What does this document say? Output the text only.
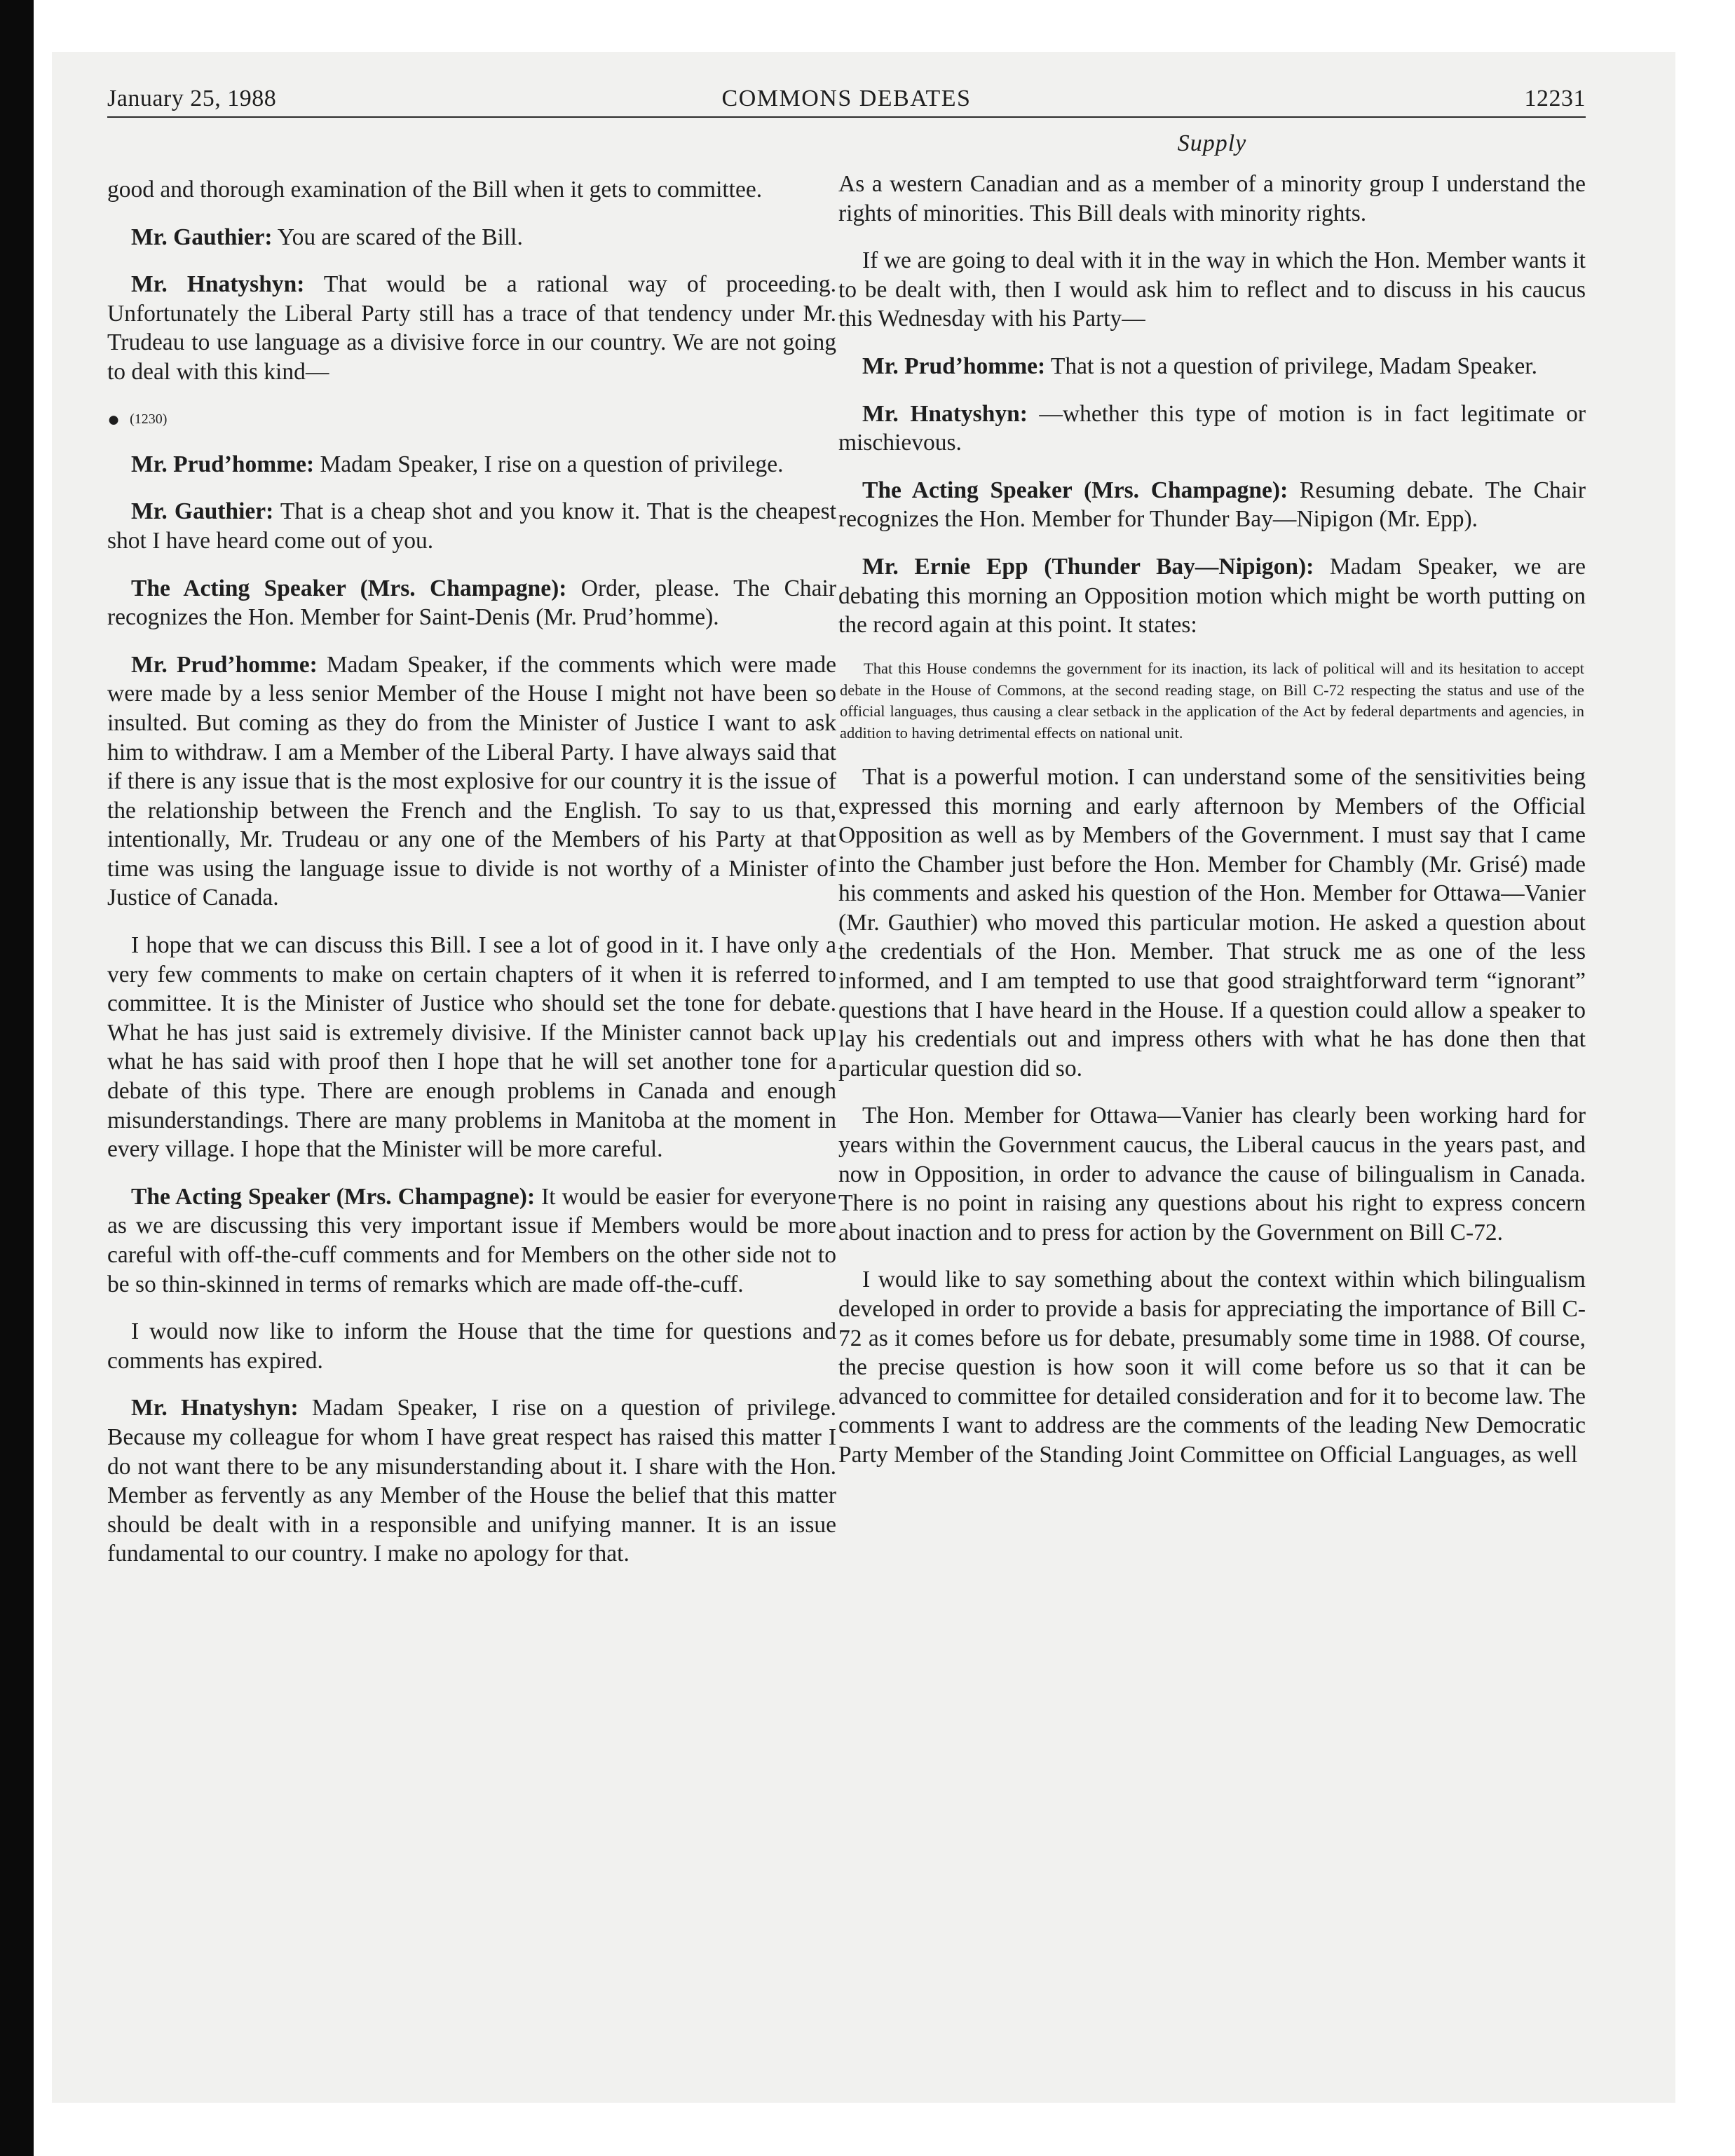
January 25, 1988	COMMONS DEBATES	12231
Supply

good and thorough examination of the Bill when it gets to committee.

Mr. Gauthier: You are scared of the Bill.

Mr. Hnatyshyn: That would be a rational way of proceeding. Unfortunately the Liberal Party still has a trace of that tendency under Mr. Trudeau to use language as a divisive force in our country. We are not going to deal with this kind—

● (1230)

Mr. Prud’homme: Madam Speaker, I rise on a question of privilege.

Mr. Gauthier: That is a cheap shot and you know it. That is the cheapest shot I have heard come out of you.

The Acting Speaker (Mrs. Champagne): Order, please. The Chair recognizes the Hon. Member for Saint-Denis (Mr. Prud’homme).

Mr. Prud’homme: Madam Speaker, if the comments which were made were made by a less senior Member of the House I might not have been so insulted. But coming as they do from the Minister of Justice I want to ask him to withdraw. I am a Member of the Liberal Party. I have always said that if there is any issue that is the most explosive for our country it is the issue of the relationship between the French and the English. To say to us that, intentionally, Mr. Trudeau or any one of the Members of his Party at that time was using the language issue to divide is not worthy of a Minister of Justice of Canada.

I hope that we can discuss this Bill. I see a lot of good in it. I have only a very few comments to make on certain chapters of it when it is referred to committee. It is the Minister of Justice who should set the tone for debate. What he has just said is extremely divisive. If the Minister cannot back up what he has said with proof then I hope that he will set another tone for a debate of this type. There are enough problems in Canada and enough misunderstandings. There are many problems in Manitoba at the moment in every village. I hope that the Minister will be more careful.

The Acting Speaker (Mrs. Champagne): It would be easier for everyone as we are discussing this very important issue if Members would be more careful with off-the-cuff comments and for Members on the other side not to be so thin-skinned in terms of remarks which are made off-the-cuff.

I would now like to inform the House that the time for questions and comments has expired.

Mr. Hnatyshyn: Madam Speaker, I rise on a question of privilege. Because my colleague for whom I have great respect has raised this matter I do not want there to be any misunderstanding about it. I share with the Hon. Member as fervently as any Member of the House the belief that this matter should be dealt with in a responsible and unifying manner. It is an issue fundamental to our country. I make no apology for that.

As a western Canadian and as a member of a minority group I understand the rights of minorities. This Bill deals with minority rights.

If we are going to deal with it in the way in which the Hon. Member wants it to be dealt with, then I would ask him to reflect and to discuss in his caucus this Wednesday with his Party—

Mr. Prud’homme: That is not a question of privilege, Madam Speaker.

Mr. Hnatyshyn: —whether this type of motion is in fact legitimate or mischievous.

The Acting Speaker (Mrs. Champagne): Resuming debate. The Chair recognizes the Hon. Member for Thunder Bay—Nipigon (Mr. Epp).

Mr. Ernie Epp (Thunder Bay—Nipigon): Madam Speaker, we are debating this morning an Opposition motion which might be worth putting on the record again at this point. It states:

That this House condemns the government for its inaction, its lack of political will and its hesitation to accept debate in the House of Commons, at the second reading stage, on Bill C-72 respecting the status and use of the official languages, thus causing a clear setback in the application of the Act by federal departments and agencies, in addition to having detrimental effects on national unit.

That is a powerful motion. I can understand some of the sensitivities being expressed this morning and early afternoon by Members of the Official Opposition as well as by Members of the Government. I must say that I came into the Chamber just before the Hon. Member for Chambly (Mr. Grisé) made his comments and asked his question of the Hon. Member for Ottawa—Vanier (Mr. Gauthier) who moved this particular motion. He asked a question about the credentials of the Hon. Member. That struck me as one of the less informed, and I am tempted to use that good straightforward term “ignorant” questions that I have heard in the House. If a question could allow a speaker to lay his credentials out and impress others with what he has done then that particular question did so.

The Hon. Member for Ottawa—Vanier has clearly been working hard for years within the Government caucus, the Liberal caucus in the years past, and now in Opposition, in order to advance the cause of bilingualism in Canada. There is no point in raising any questions about his right to express concern about inaction and to press for action by the Government on Bill C-72.

I would like to say something about the context within which bilingualism developed in order to provide a basis for appreciating the importance of Bill C-72 as it comes before us for debate, presumably some time in 1988. Of course, the precise question is how soon it will come before us so that it can be advanced to committee for detailed consideration and for it to become law. The comments I want to address are the comments of the leading New Democratic Party Member of the Standing Joint Committee on Official Languages, as well
